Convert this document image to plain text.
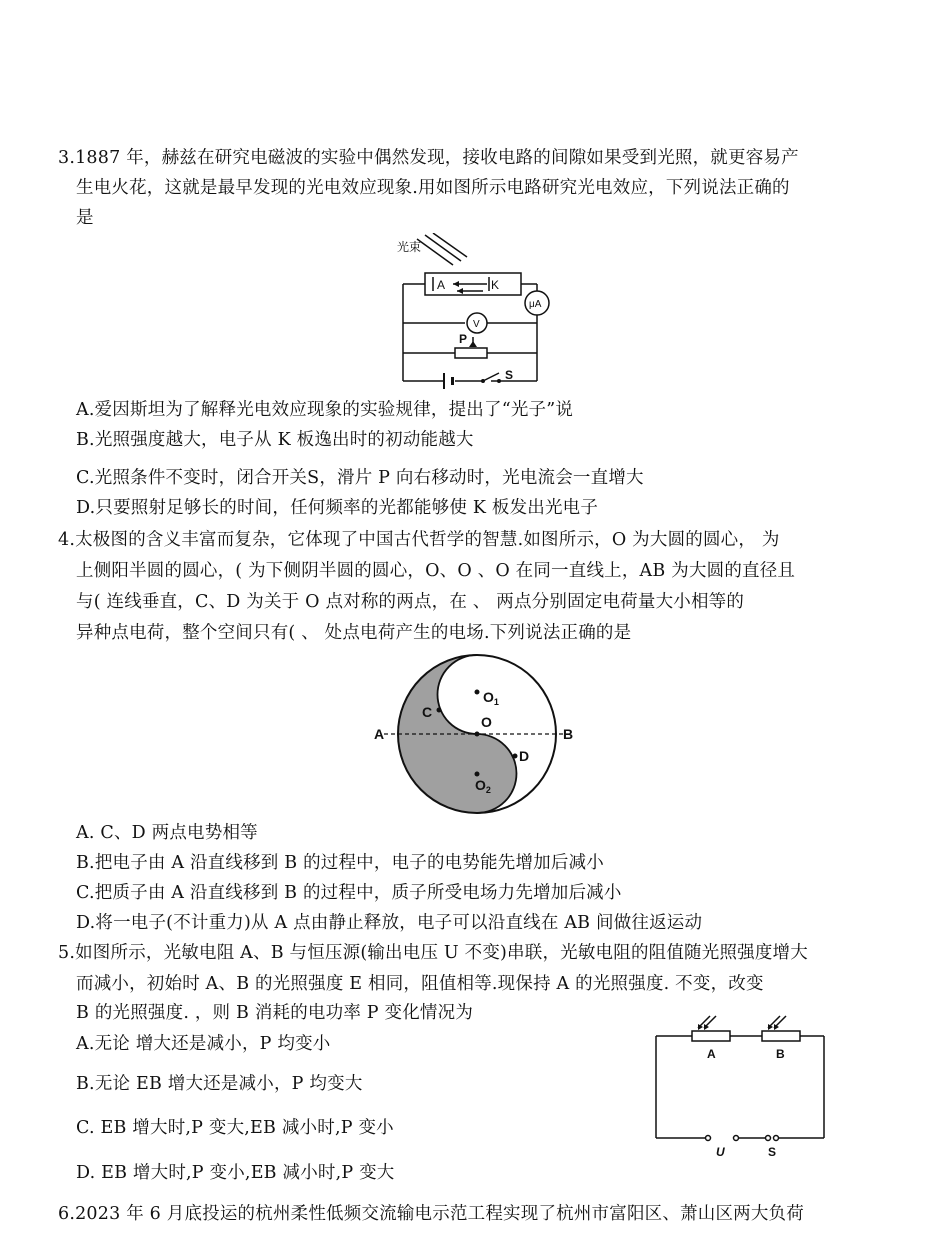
3.1887 年，赫兹在研究电磁波的实验中偶然发现，接收电路的间隙如果受到光照，就更容易产
生电火花，这就是最早发现的光电效应现象.用如图所示电路研究光电效应，下列说法正确的
是
光束
A	K
μA
V
P
S
A.爱因斯坦为了解释光电效应现象的实验规律，提出了“光子”说
B.光照强度越大，电子从 K 板逸出时的初动能越大
C.光照条件不变时，闭合开关S，滑片 P 向右移动时，光电流会一直增大
D.只要照射足够长的时间，任何频率的光都能够使 K 板发出光电子
4.太极图的含义丰富而复杂，它体现了中国古代哲学的智慧.如图所示，O 为大圆的圆心， 为
上侧阳半圆的圆心，( 为下侧阴半圆的圆心，O、O 、O 在同一直线上，AB 为大圆的直径且
与( 连线垂直，C、D 为关于 O 点对称的两点，在 、 两点分别固定电荷量大小相等的
异种点电荷，整个空间只有( 、 处点电荷产生的电场.下列说法正确的是
A	B
C
D
O
$O_1$
$O_2$
A. C、D 两点电势相等
B.把电子由 A 沿直线移到 B 的过程中，电子的电势能先增加后减小
C.把质子由 A 沿直线移到 B 的过程中，质子所受电场力先增加后减小
D.将一电子(不计重力)从 A 点由静止释放，电子可以沿直线在 AB 间做往返运动
5.如图所示，光敏电阻 A、B 与恒压源(输出电压 U 不变)串联，光敏电阻的阻值随光照强度增大
而减小，初始时 A、B 的光照强度 E 相同，阻值相等.现保持 A 的光照强度. 不变，改变
B 的光照强度. ，则 B 消耗的电功率 P 变化情况为
A	B
U	S
A.无论 增大还是减小，P 均变小
B.无论 EB 增大还是减小，P 均变大
C. EB 增大时,P 变大,EB 减小时,P 变小
D. EB 增大时,P 变小,EB 减小时,P 变大
6.2023 年 6 月底投运的杭州柔性低频交流输电示范工程实现了杭州市富阳区、萧山区两大负荷
